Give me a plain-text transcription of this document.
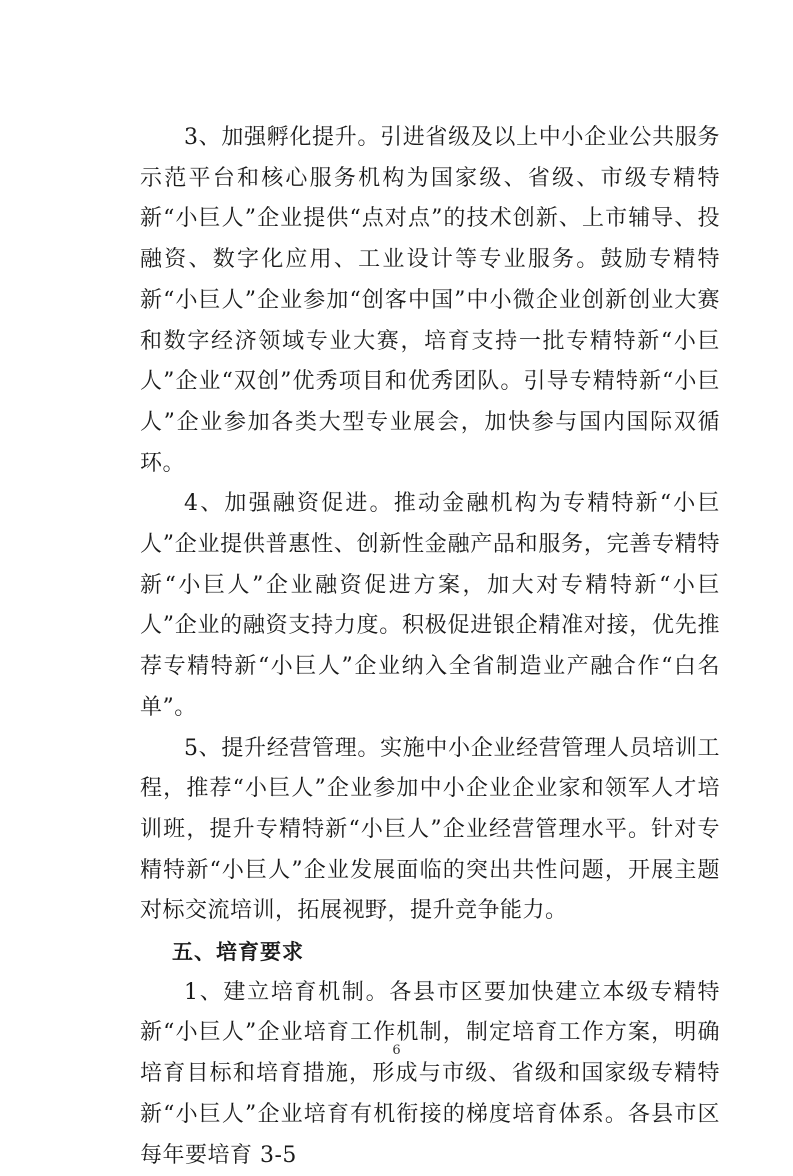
3、加强孵化提升。引进省级及以上中小企业公共服务示范平台和核心服务机构为国家级、省级、市级专精特新“小巨人”企业提供“点对点”的技术创新、上市辅导、投融资、数字化应用、工业设计等专业服务。鼓励专精特新“小巨人”企业参加“创客中国”中小微企业创新创业大赛和数字经济领域专业大赛，培育支持一批专精特新“小巨人”企业“双创”优秀项目和优秀团队。引导专精特新“小巨人”企业参加各类大型专业展会，加快参与国内国际双循环。

4、加强融资促进。推动金融机构为专精特新“小巨人”企业提供普惠性、创新性金融产品和服务，完善专精特新“小巨人”企业融资促进方案，加大对专精特新“小巨人”企业的融资支持力度。积极促进银企精准对接，优先推荐专精特新“小巨人”企业纳入全省制造业产融合作“白名单”。

5、提升经营管理。实施中小企业经营管理人员培训工程，推荐“小巨人”企业参加中小企业企业家和领军人才培训班，提升专精特新“小巨人”企业经营管理水平。针对专精特新“小巨人”企业发展面临的突出共性问题，开展主题对标交流培训，拓展视野，提升竞争能力。

五、培育要求

1、建立培育机制。各县市区要加快建立本级专精特新“小巨人”企业培育工作机制，制定培育工作方案，明确培育目标和培育措施，形成与市级、省级和国家级专精特新“小巨人”企业培育有机衔接的梯度培育体系。各县市区每年要培育 3-5

6
